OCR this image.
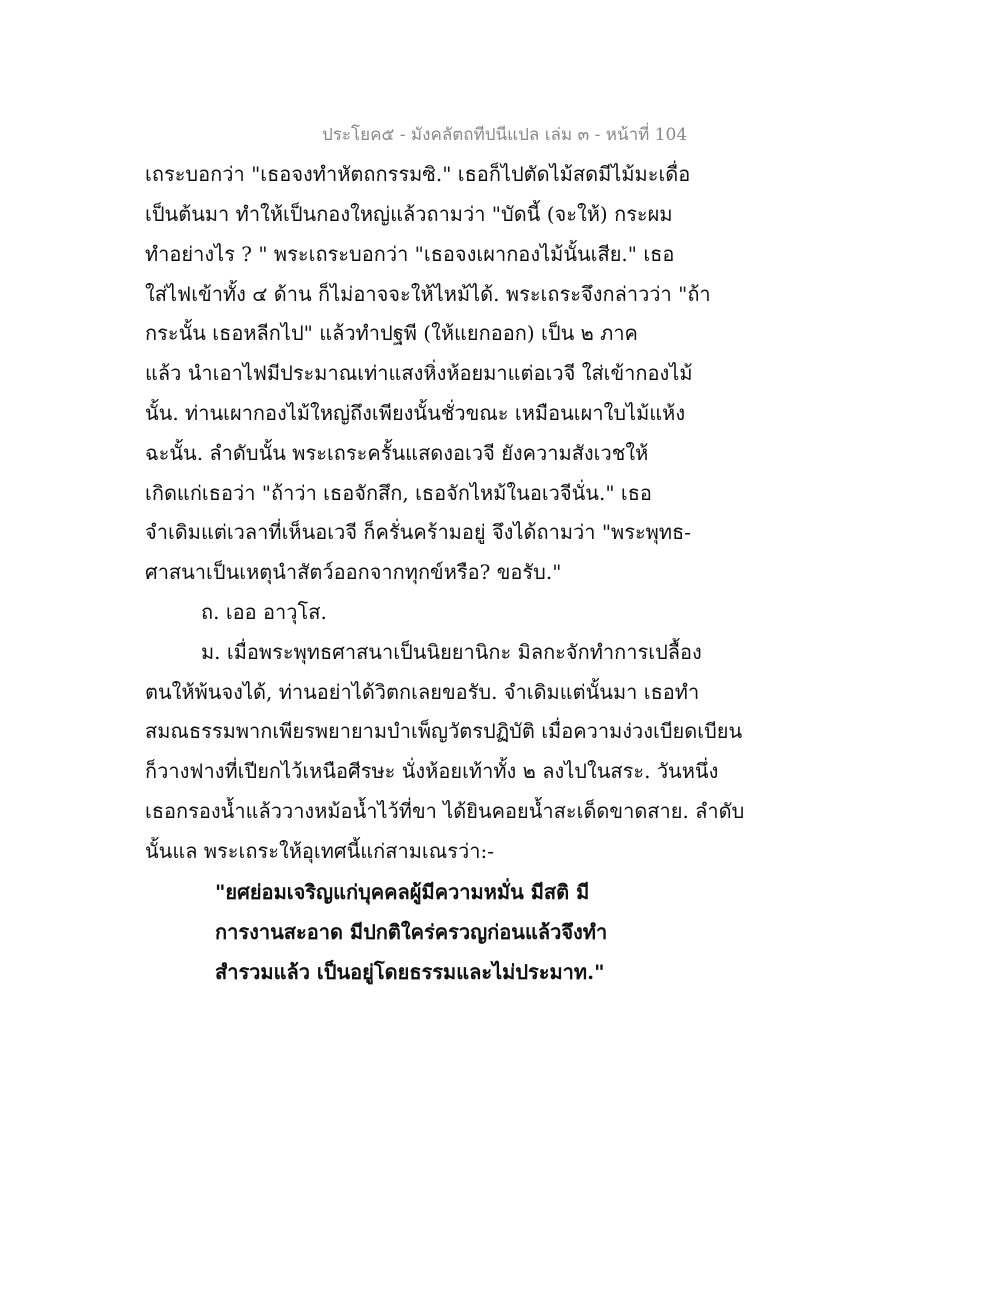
ประโยค๕ - มังคลัตถทีปนีแปล เล่ม ๓ - หน้าที่ 104
เถระบอกว่า "เธอจงทำหัตถกรรมซิ." เธอก็ไปตัดไม้สดมีไม้มะเดื่อ
เป็นต้นมา ทำให้เป็นกองใหญ่แล้วถามว่า "บัดนี้ (จะให้) กระผม
ทำอย่างไร ? " พระเถระบอกว่า "เธอจงเผากองไม้นั้นเสีย." เธอ
ใส่ไฟเข้าทั้ง ๔ ด้าน ก็ไม่อาจจะให้ไหม้ได้. พระเถระจึงกล่าวว่า "ถ้า
กระนั้น เธอหลีกไป" แล้วทำปฐพี (ให้แยกออก) เป็น ๒ ภาค
แล้ว นำเอาไฟมีประมาณเท่าแสงหิ่งห้อยมาแต่อเวจี ใส่เข้ากองไม้
นั้น. ท่านเผากองไม้ใหญ่ถึงเพียงนั้นชั่วขณะ เหมือนเผาใบไม้แห้ง
ฉะนั้น. ลำดับนั้น พระเถระครั้นแสดงอเวจี ยังความสังเวชให้
เกิดแก่เธอว่า "ถ้าว่า เธอจักสึก, เธอจักไหม้ในอเวจีนั่น." เธอ
จำเดิมแต่เวลาที่เห็นอเวจี ก็ครั่นคร้ามอยู่ จึงได้ถามว่า "พระพุทธ-
ศาสนาเป็นเหตุนำสัตว์ออกจากทุกข์หรือ? ขอรับ."
ถ. เออ อาวุโส.
ม. เมื่อพระพุทธศาสนาเป็นนิยยานิกะ มิลกะจักทำการเปลื้อง
ตนให้พ้นจงได้, ท่านอย่าได้วิตกเลยขอรับ. จำเดิมแต่นั้นมา เธอทำ
สมณธรรมพากเพียรพยายามบำเพ็ญวัตรปฏิบัติ เมื่อความง่วงเบียดเบียน
ก็วางฟางที่เปียกไว้เหนือศีรษะ นั่งห้อยเท้าทั้ง ๒ ลงไปในสระ. วันหนึ่ง
เธอกรองน้ำแล้ววางหม้อน้ำไว้ที่ขา ได้ยินคอยน้ำสะเด็ดขาดสาย. ลำดับ
นั้นแล พระเถระให้อุเทศนี้แก่สามเณรว่า:-
"ยศย่อมเจริญแก่บุคคลผู้มีความหมั่น มีสติ มี
การงานสะอาด มีปกติใคร่ครวญก่อนแล้วจึงทำ
สำรวมแล้ว เป็นอยู่โดยธรรมและไม่ประมาท."
